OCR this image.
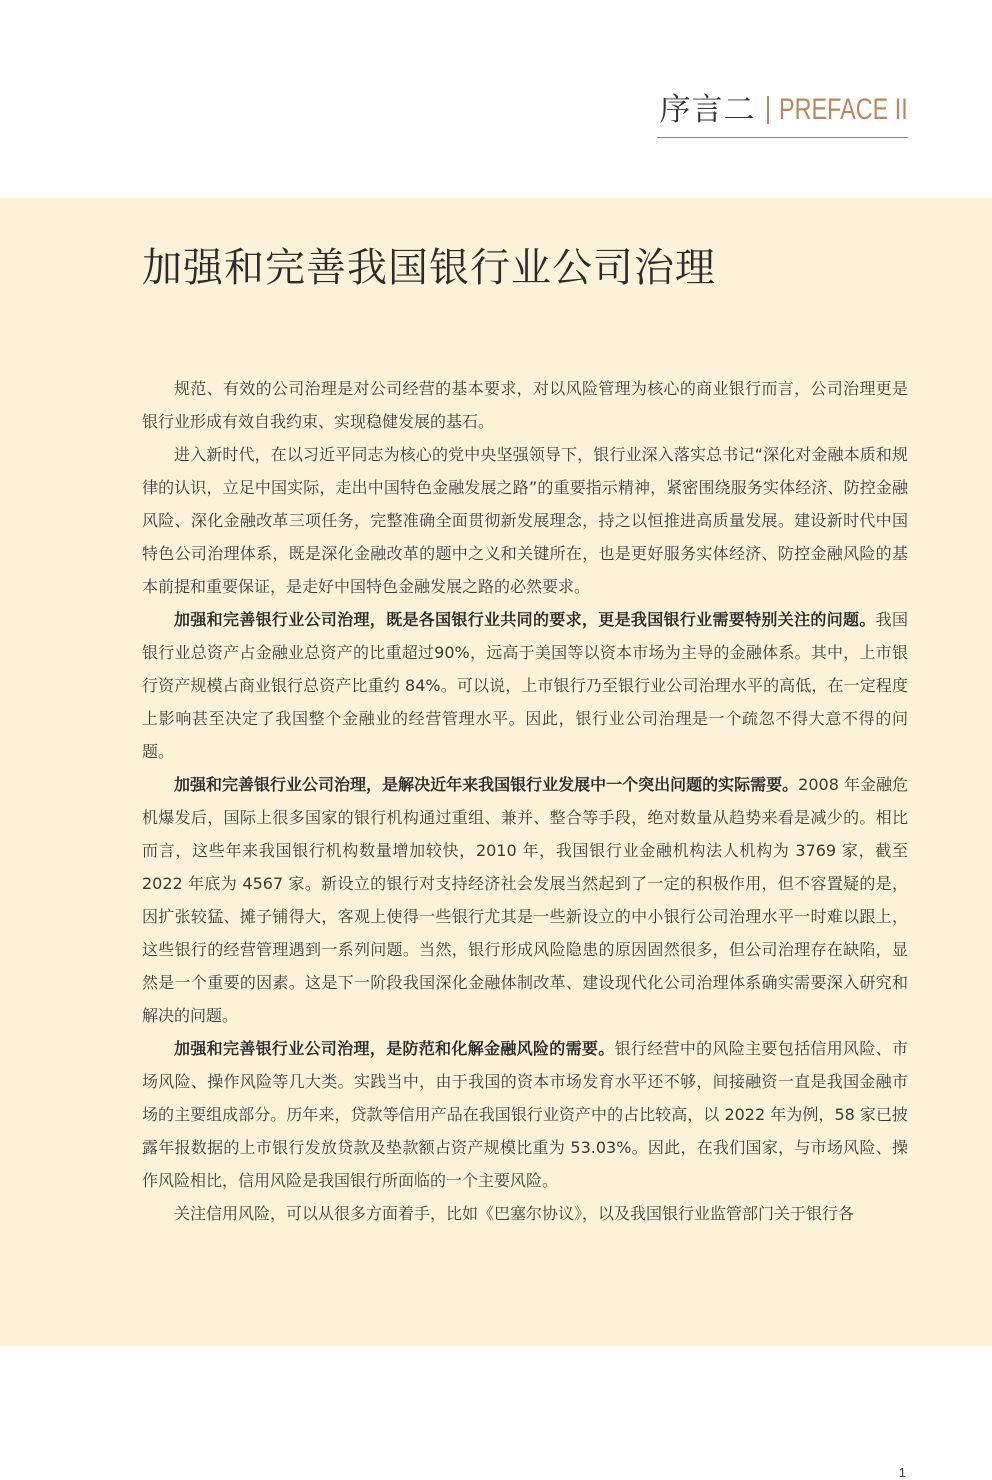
序言二 PREFACE II
加强和完善我国银行业公司治理

规范、有效的公司治理是对公司经营的基本要求，对以风险管理为核心的商业银行而言，公司治理更是银行业形成有效自我约束、实现稳健发展的基石。

进入新时代，在以习近平同志为核心的党中央坚强领导下，银行业深入落实总书记“深化对金融本质和规律的认识，立足中国实际，走出中国特色金融发展之路”的重要指示精神，紧密围绕服务实体经济、防控金融风险、深化金融改革三项任务，完整准确全面贯彻新发展理念，持之以恒推进高质量发展。建设新时代中国特色公司治理体系，既是深化金融改革的题中之义和关键所在，也是更好服务实体经济、防控金融风险的基本前提和重要保证，是走好中国特色金融发展之路的必然要求。

加强和完善银行业公司治理，既是各国银行业共同的要求，更是我国银行业需要特别关注的问题。我国银行业总资产占金融业总资产的比重超过90%，远高于美国等以资本市场为主导的金融体系。其中，上市银行资产规模占商业银行总资产比重约 84%。可以说，上市银行乃至银行业公司治理水平的高低，在一定程度上影响甚至决定了我国整个金融业的经营管理水平。因此，银行业公司治理是一个疏忽不得大意不得的问题。

加强和完善银行业公司治理，是解决近年来我国银行业发展中一个突出问题的实际需要。2008 年金融危机爆发后，国际上很多国家的银行机构通过重组、兼并、整合等手段，绝对数量从趋势来看是减少的。相比而言，这些年来我国银行机构数量增加较快，2010 年，我国银行业金融机构法人机构为 3769 家，截至 2022 年底为 4567 家。新设立的银行对支持经济社会发展当然起到了一定的积极作用，但不容置疑的是，因扩张较猛、摊子铺得大，客观上使得一些银行尤其是一些新设立的中小银行公司治理水平一时难以跟上，这些银行的经营管理遇到一系列问题。当然，银行形成风险隐患的原因固然很多，但公司治理存在缺陷，显然是一个重要的因素。这是下一阶段我国深化金融体制改革、建设现代化公司治理体系确实需要深入研究和解决的问题。

加强和完善银行业公司治理，是防范和化解金融风险的需要。银行经营中的风险主要包括信用风险、市场风险、操作风险等几大类。实践当中，由于我国的资本市场发育水平还不够，间接融资一直是我国金融市场的主要组成部分。历年来，贷款等信用产品在我国银行业资产中的占比较高，以 2022 年为例，58 家已披露年报数据的上市银行发放贷款及垫款额占资产规模比重为 53.03%。因此，在我们国家，与市场风险、操作风险相比，信用风险是我国银行所面临的一个主要风险。

关注信用风险，可以从很多方面着手，比如《巴塞尔协议》，以及我国银行业监管部门关于银行各

1
